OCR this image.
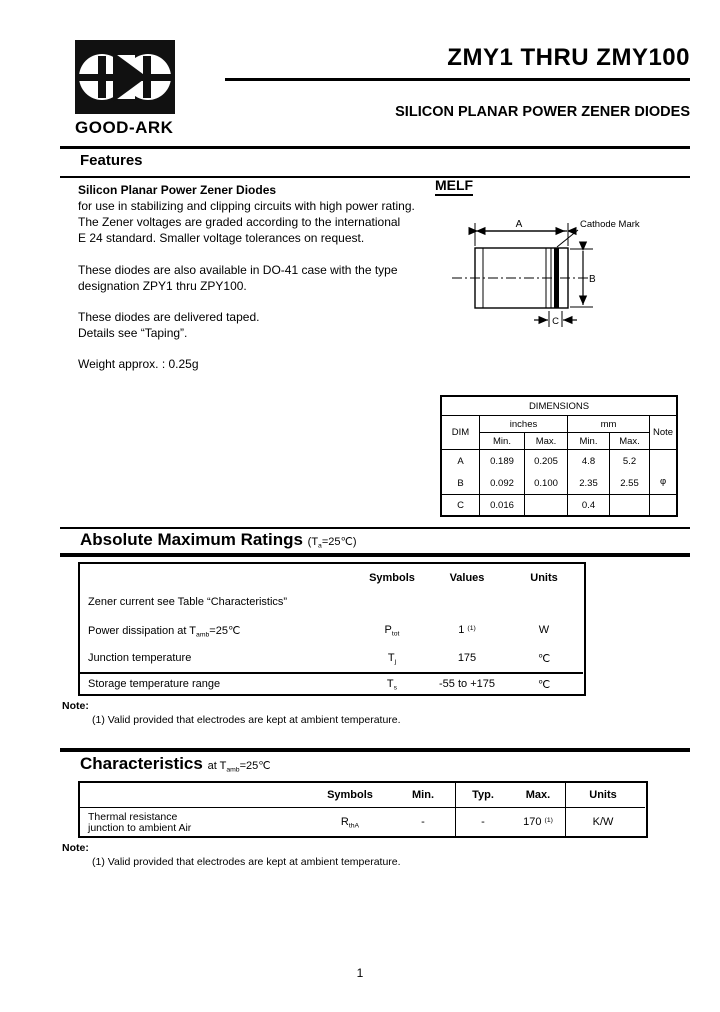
GOOD-ARK
ZMY1 THRU ZMY100
SILICON PLANAR POWER ZENER DIODES
Features
Silicon Planar Power Zener Diodes
for use in stabilizing and clipping circuits with high power rating.
The Zener voltages are graded according to the international
E 24 standard. Smaller voltage tolerances on request.
These diodes are also available in DO-41 case with the type
designation ZPY1 thru ZPY100.
These diodes are delivered taped.
Details see “Taping”.
Weight approx. : 0.25g
MELF
A	Cathode Mark
B
C
DIMENSIONS					
DIM	inches		mm		Note
	Min.	Max.	Min.	Max.	
A	0.189	0.205	4.8	5.2	φ
B	0.092	0.100	2.35	2.55	
C	0.016		0.4		
Absolute Maximum Ratings $(T_a=25℃)$
Symbols	Values	Units
Zener current see Table “Characteristics”
Power dissipation at $T_{amb}=25℃$	$P_{tot}$	1 $^{(1)}$	W
Junction temperature	$T_j$	175	℃
Storage temperature range	$T_s$	-55 to +175	℃
Note:
(1) Valid provided that electrodes are kept at ambient temperature.
Characteristics at $T_{amb}=25℃$
Symbols	Min.	Typ.	Max.	Units
Thermal resistance
junction to ambient Air	$R_{thA}$	-	-	170 $^{(1)}$	K/W
Note:
(1) Valid provided that electrodes are kept at ambient temperature.
1
